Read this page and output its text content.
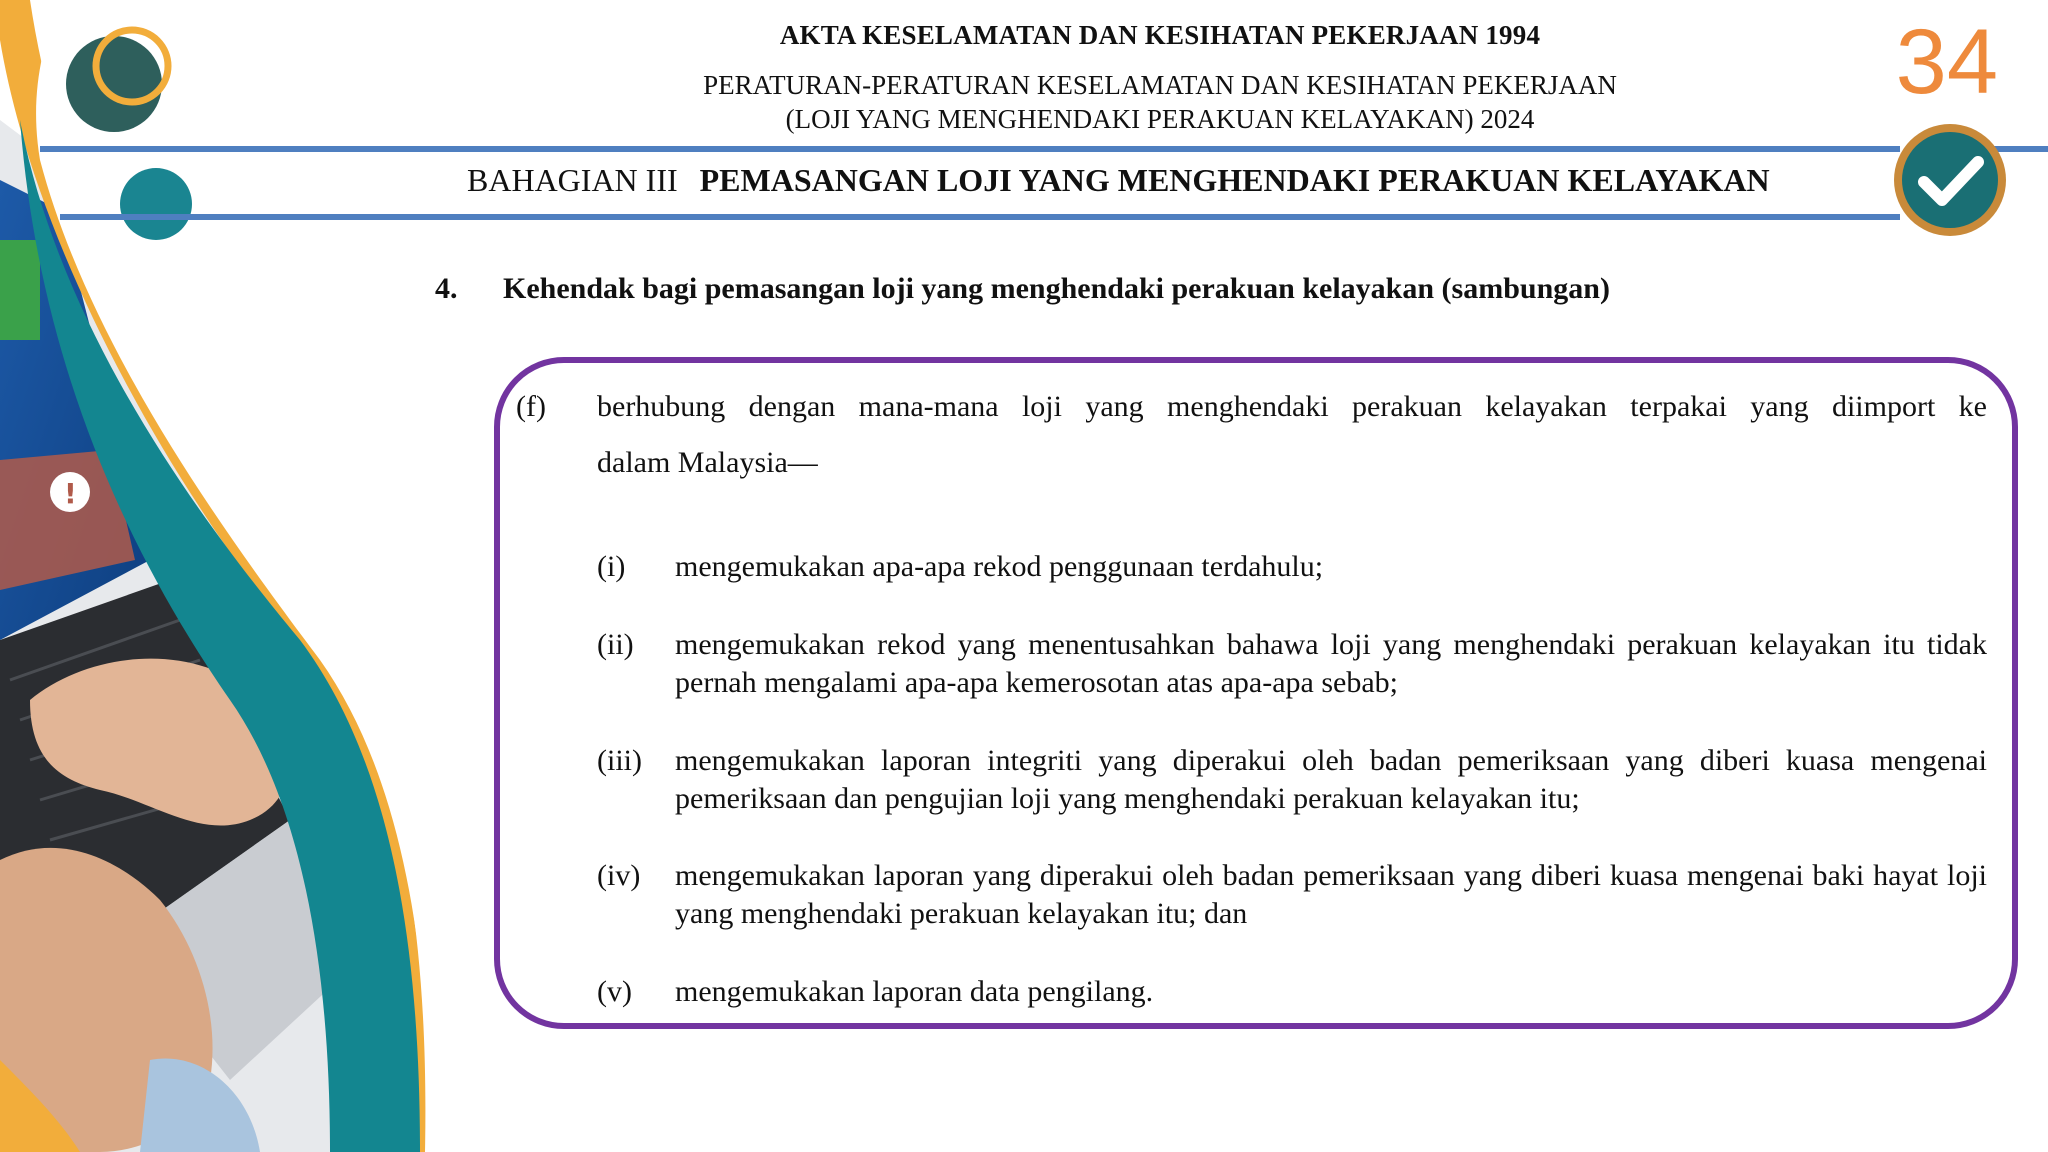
!
AKTA KESELAMATAN DAN KESIHATAN PEKERJAAN 1994
PERATURAN-PERATURAN KESELAMATAN DAN KESIHATAN PEKERJAAN
(LOJI YANG MENGHENDAKI PERAKUAN KELAYAKAN) 2024
BAHAGIAN III PEMASANGAN LOJI YANG MENGHENDAKI PERAKUAN KELAYAKAN
34
4. Kehendak bagi pemasangan loji yang menghendaki perakuan kelayakan (sambungan)
(f) berhubung dengan mana-mana loji yang menghendaki perakuan kelayakan terpakai yang diimport ke
dalam Malaysia—
(i) mengemukakan apa-apa rekod penggunaan terdahulu;
(ii) mengemukakan rekod yang menentusahkan bahawa loji yang menghendaki perakuan kelayakan itu tidak pernah mengalami apa-apa kemerosotan atas apa-apa sebab;
(iii) mengemukakan laporan integriti yang diperakui oleh badan pemeriksaan yang diberi kuasa mengenai pemeriksaan dan pengujian loji yang menghendaki perakuan kelayakan itu;
(iv) mengemukakan laporan yang diperakui oleh badan pemeriksaan yang diberi kuasa mengenai baki hayat loji yang menghendaki perakuan kelayakan itu; dan
(v) mengemukakan laporan data pengilang.
